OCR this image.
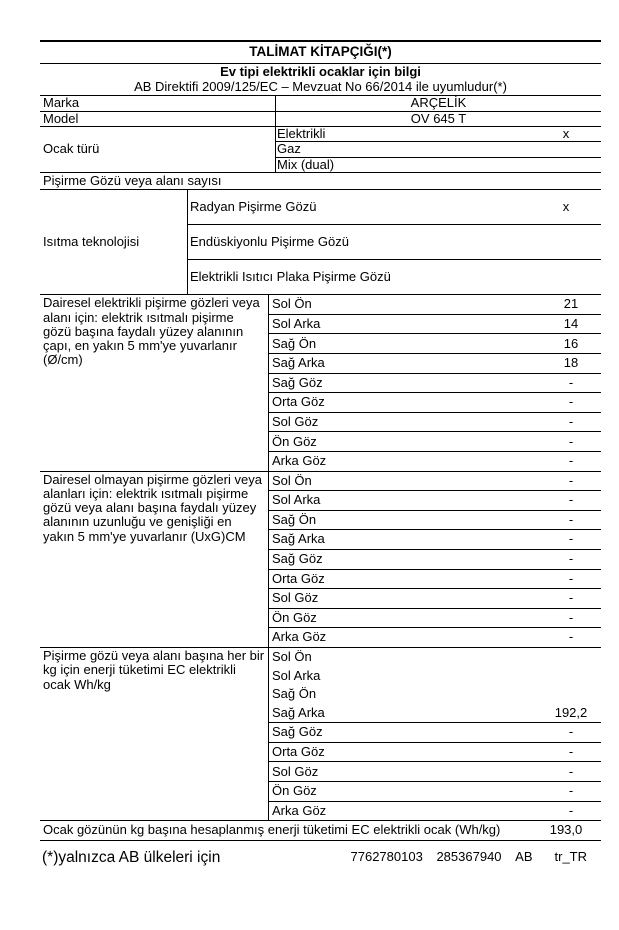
TALİMAT KİTAPÇIĞI(*)
Ev tipi elektrikli ocaklar için bilgi
AB Direktifi 2009/125/EC – Mevzuat No 66/2014 ile uyumludur(*)
Marka	ARÇELİK
Model	OV 645 T
Ocak türü
Elektrikli	x
Gaz
Mix (dual)
Pişirme Gözü veya alanı sayısı
Isıtma teknolojisi
Radyan Pişirme Gözü	x
Endüskiyonlu Pişirme Gözü
Elektrikli Isıtıcı Plaka Pişirme Gözü
Dairesel elektrikli pişirme gözleri veya alanı için: elektrik ısıtmalı pişirme gözü başına faydalı yüzey alanının çapı, en yakın 5 mm'ye yuvarlanır (Ø/cm)
Sol Ön	21
Sol Arka	14
Sağ Ön	16
Sağ Arka	18
Sağ Göz	-
Orta Göz	-
Sol Göz	-
Ön Göz	-
Arka Göz	-
Dairesel olmayan pişirme gözleri veya alanları için: elektrik ısıtmalı pişirme gözü veya alanı başına faydalı yüzey alanının uzunluğu ve genişliği en yakın 5 mm'ye yuvarlanır (UxG)CM
Sol Ön	-
Sol Arka	-
Sağ Ön	-
Sağ Arka	-
Sağ Göz	-
Orta Göz	-
Sol Göz	-
Ön Göz	-
Arka Göz	-
Pişirme gözü veya alanı başına her bir kg için enerji tüketimi EC elektrikli ocak Wh/kg
Sol Ön
Sol Arka
Sağ Ön
Sağ Arka	192,2
Sağ Göz	-
Orta Göz	-
Sol Göz	-
Ön Göz	-
Arka Göz	-
Ocak gözünün kg başına hesaplanmış enerji tüketimi EC elektrikli ocak (Wh/kg)	193,0
(*)yalnızca AB ülkeleri için	7762780103 285367940 AB tr_TR
